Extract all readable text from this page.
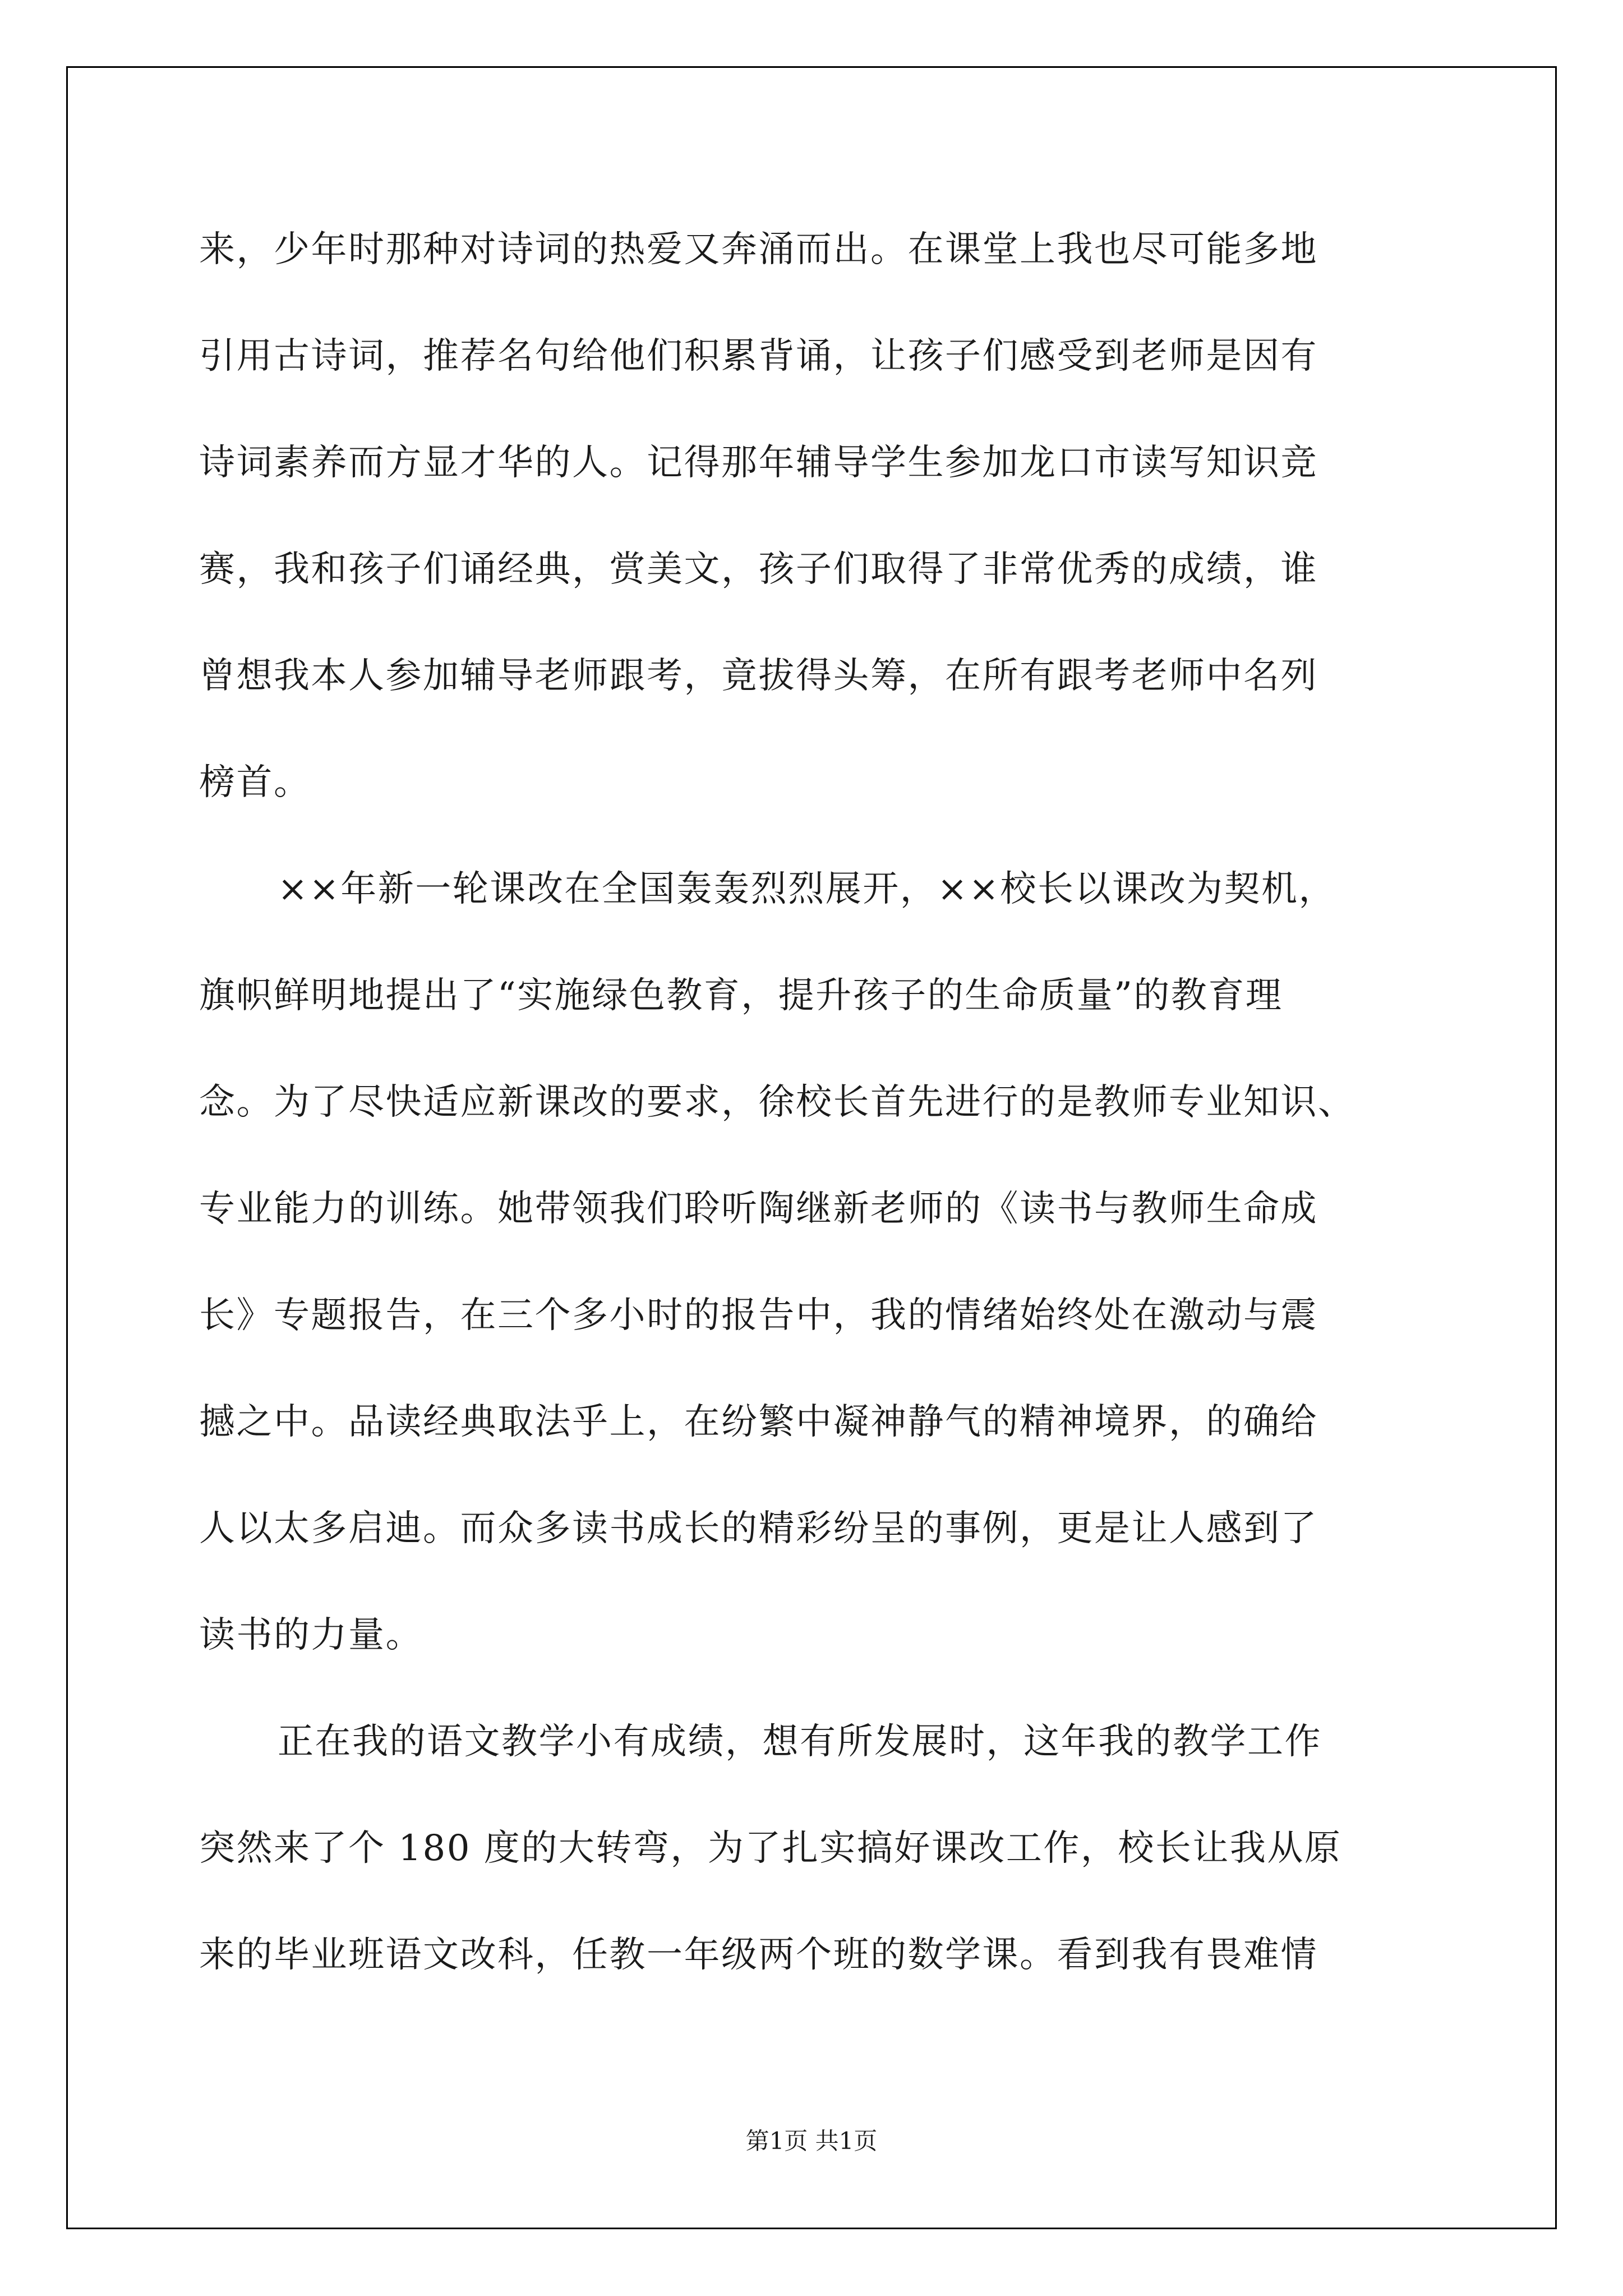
来，少年时那种对诗词的热爱又奔涌而出。在课堂上我也尽可能多地
引用古诗词，推荐名句给他们积累背诵，让孩子们感受到老师是因有
诗词素养而方显才华的人。记得那年辅导学生参加龙口市读写知识竞
赛，我和孩子们诵经典，赏美文，孩子们取得了非常优秀的成绩，谁
曾想我本人参加辅导老师跟考，竟拔得头筹，在所有跟考老师中名列
榜首。
××年新一轮课改在全国轰轰烈烈展开，××校长以课改为契机，
旗帜鲜明地提出了“实施绿色教育，提升孩子的生命质量”的教育理
念。为了尽快适应新课改的要求，徐校长首先进行的是教师专业知识、
专业能力的训练。她带领我们聆听陶继新老师的《读书与教师生命成
长》专题报告，在三个多小时的报告中，我的情绪始终处在激动与震
撼之中。品读经典取法乎上，在纷繁中凝神静气的精神境界，的确给
人以太多启迪。而众多读书成长的精彩纷呈的事例，更是让人感到了
读书的力量。
正在我的语文教学小有成绩，想有所发展时，这年我的教学工作
突然来了个 180 度的大转弯，为了扎实搞好课改工作，校长让我从原
来的毕业班语文改科，任教一年级两个班的数学课。看到我有畏难情
第1页 共1页
